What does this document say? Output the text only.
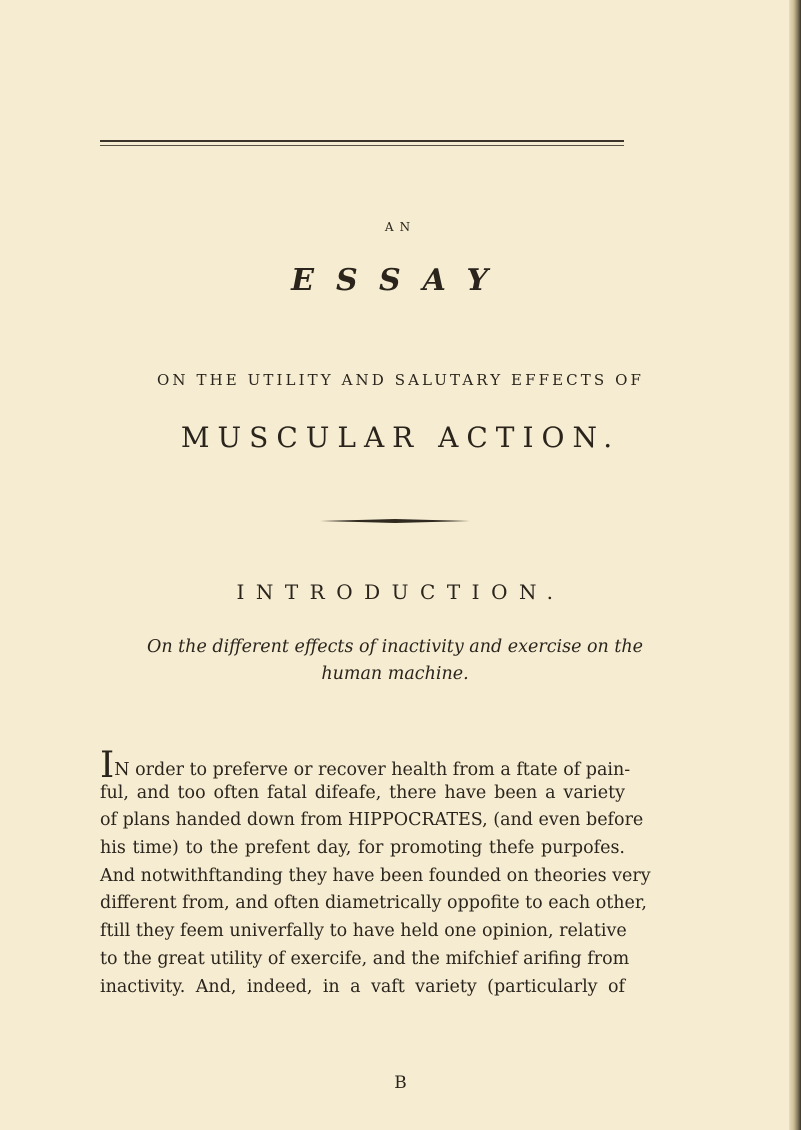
AN
ESSAY
ON THE UTILITY AND SALUTARY EFFECTS OF
MUSCULAR ACTION.
INTRODUCTION.
On the different effects of inactivity and exercise on the
human machine.
IN order to preferve or recover health from a ftate of pain-
ful, and too often fatal difeafe, there have been a variety
of plans handed down from HIPPOCRATES, (and even before
his time) to the prefent day, for promoting thefe purpofes.
And notwithftanding they have been founded on theories very
different from, and often diametrically oppofite to each other,
ftill they feem univerfally to have held one opinion, relative
to the great utility of exercife, and the mifchief arifing from
inactivity. And, indeed, in a vaft variety (particularly of
B
